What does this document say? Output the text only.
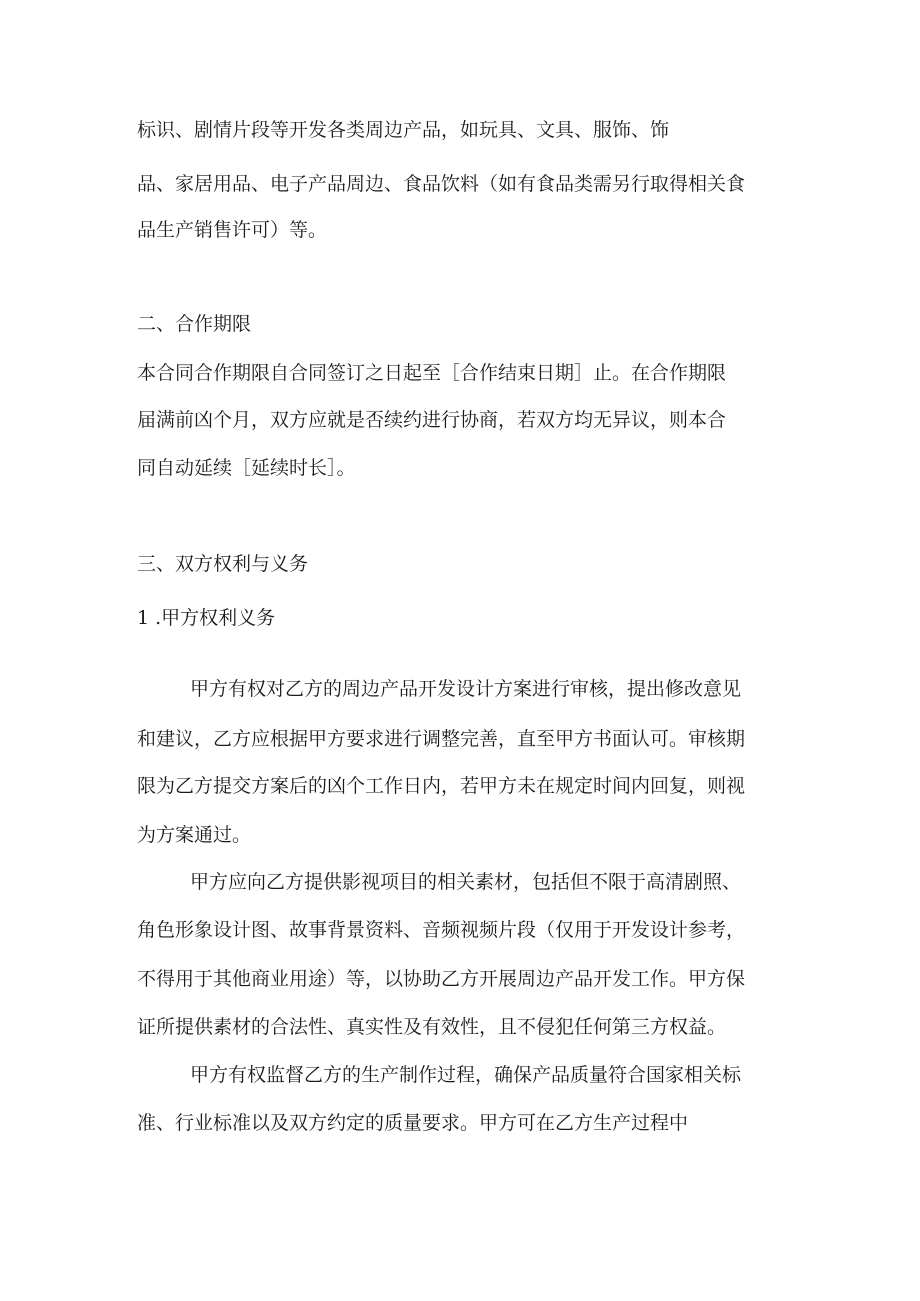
标识、剧情片段等开发各类周边产品，如玩具、文具、服饰、饰
品、家居用品、电子产品周边、食品饮料（如有食品类需另行取得相关食
品生产销售许可）等。
二、合作期限
本合同合作期限自合同签订之日起至［合作结束日期］止。在合作期限
届满前凶个月，双方应就是否续约进行协商，若双方均无异议，则本合
同自动延续［延续时长］。
三、双方权利与义务
1 .甲方权利义务
甲方有权对乙方的周边产品开发设计方案进行审核，提出修改意见
和建议，乙方应根据甲方要求进行调整完善，直至甲方书面认可。审核期
限为乙方提交方案后的凶个工作日内，若甲方未在规定时间内回复，则视
为方案通过。
甲方应向乙方提供影视项目的相关素材，包括但不限于高清剧照、
角色形象设计图、故事背景资料、音频视频片段（仅用于开发设计参考，
不得用于其他商业用途）等，以协助乙方开展周边产品开发工作。甲方保
证所提供素材的合法性、真实性及有效性，且不侵犯任何第三方权益。
甲方有权监督乙方的生产制作过程，确保产品质量符合国家相关标
准、行业标准以及双方约定的质量要求。甲方可在乙方生产过程中
